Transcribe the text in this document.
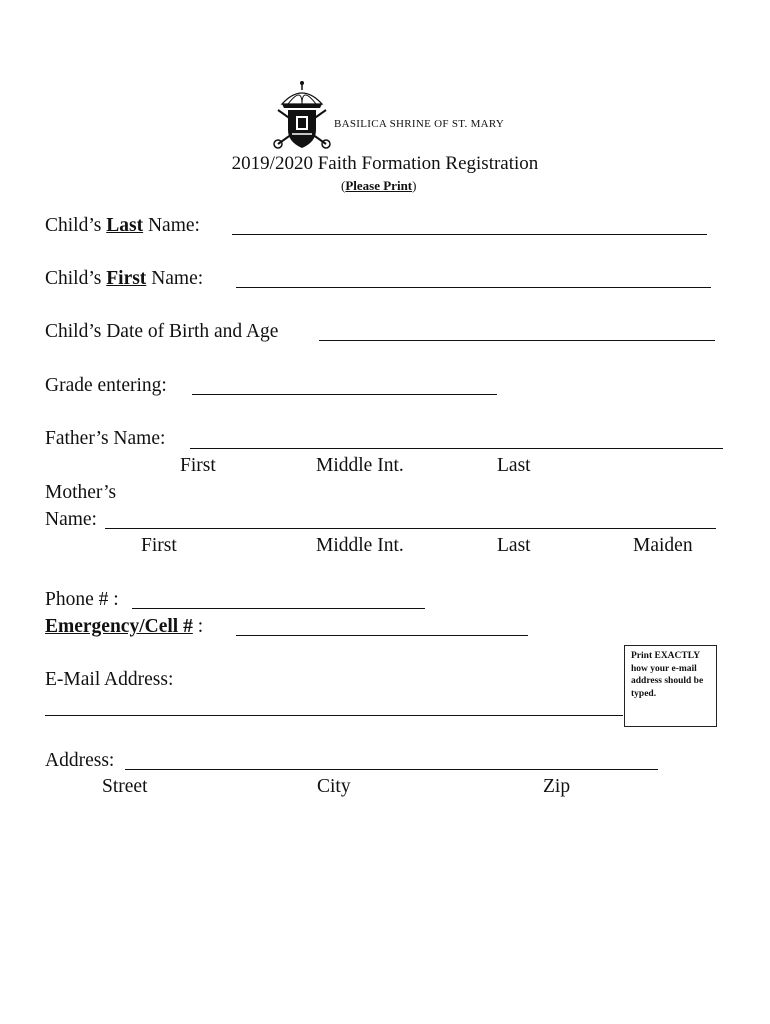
BASILICA SHRINE OF ST. MARY
2019/2020 Faith Formation Registration
(Please Print)
Child’s Last Name:
Child’s First Name:
Child’s Date of Birth and Age
Grade entering:
Father’s Name:
First	Middle Int.	Last
Mother’s
Name:
First	Middle Int.	Last	Maiden
Phone # :
Emergency/Cell # :
E-Mail Address:
Print EXACTLY how your e-mail address should be typed.
Address:
Street	City	Zip
